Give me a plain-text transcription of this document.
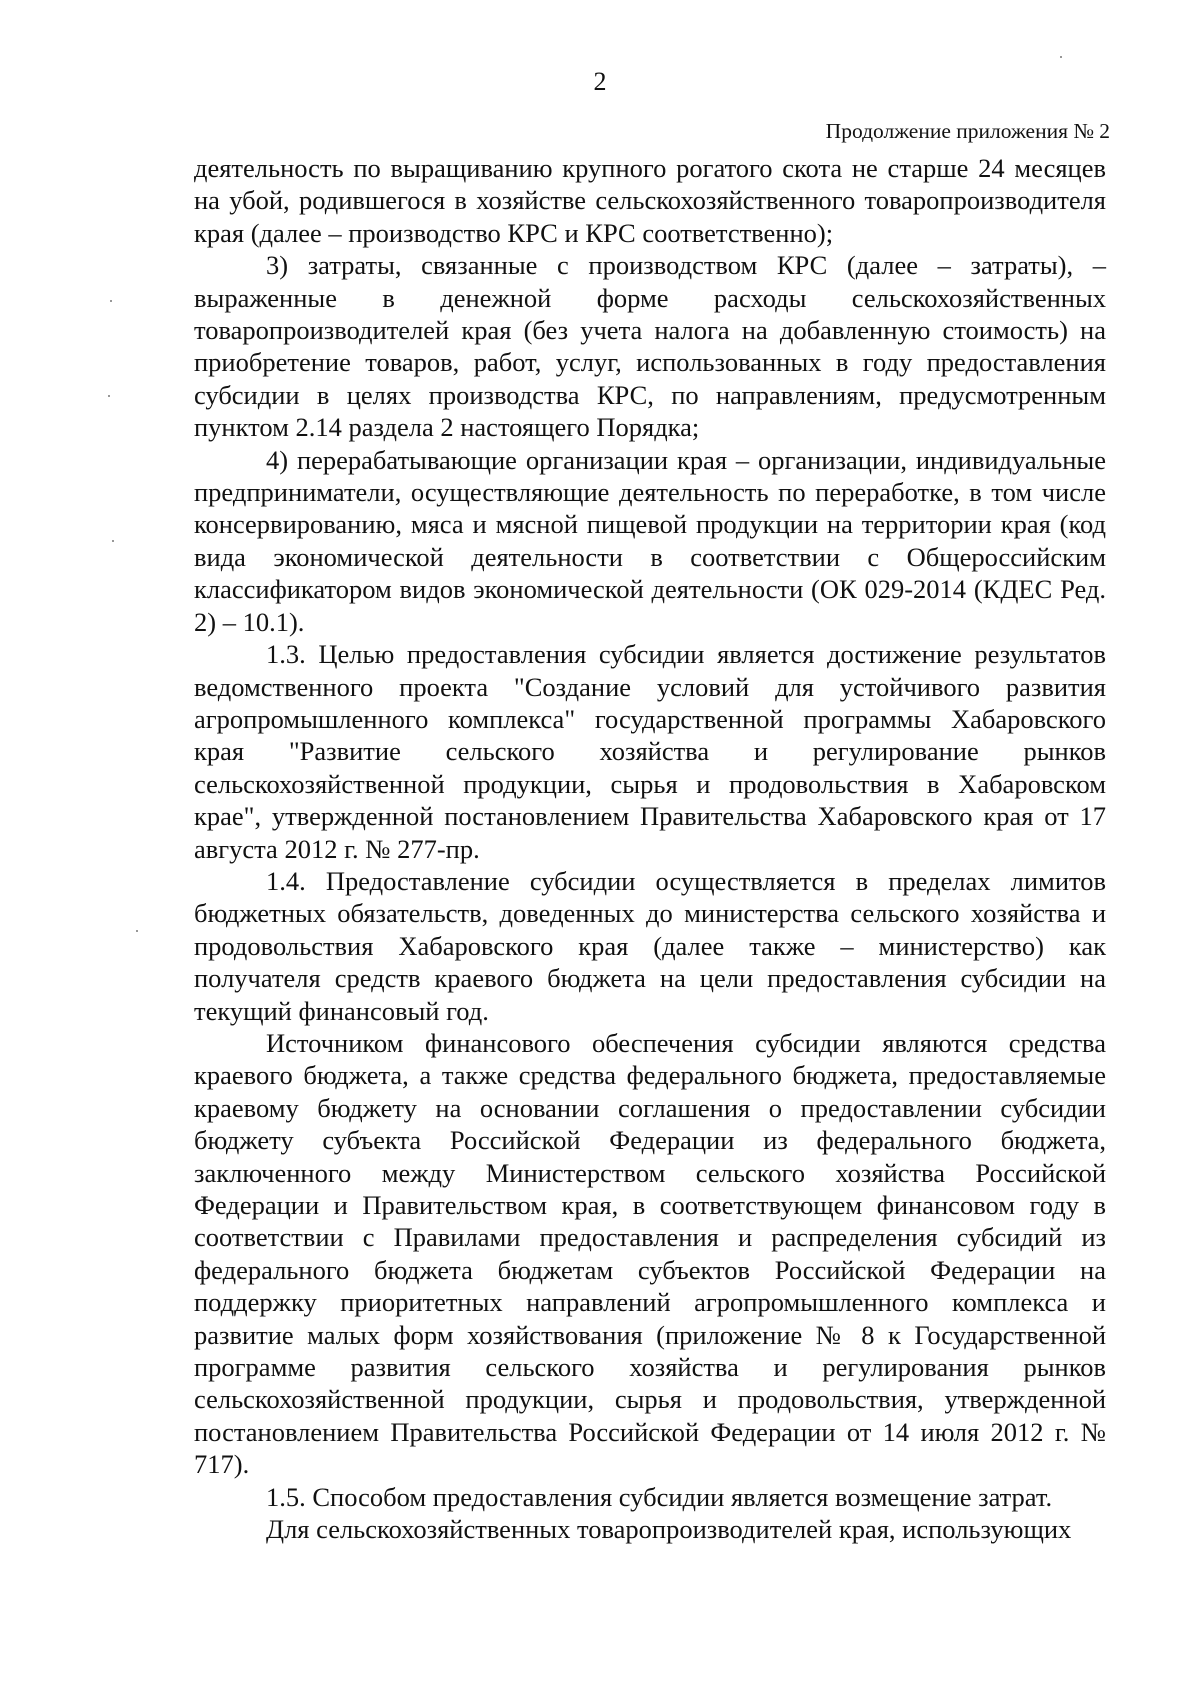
2
Продолжение приложения № 2

деятельность по выращиванию крупного рогатого скота не старше 24 месяцев на убой, родившегося в хозяйстве сельскохозяйственного товаропроизводителя края (далее – производство КРС и КРС соответственно);

3) затраты, связанные с производством КРС (далее – затраты), – выраженные в денежной форме расходы сельскохозяйственных товаропроизводителей края (без учета налога на добавленную стоимость) на приобретение товаров, работ, услуг, использованных в году предоставления субсидии в целях производства КРС, по направлениям, предусмотренным пунктом 2.14 раздела 2 настоящего Порядка;

4) перерабатывающие организации края – организации, индивидуальные предприниматели, осуществляющие деятельность по переработке, в том числе консервированию, мяса и мясной пищевой продукции на территории края (код вида экономической деятельности в соответствии с Общероссийским классификатором видов экономической деятельности (ОК 029-2014 (КДЕС Ред. 2) – 10.1).

1.3. Целью предоставления субсидии является достижение результатов ведомственного проекта "Создание условий для устойчивого развития агропромышленного комплекса" государственной программы Хабаровского края "Развитие сельского хозяйства и регулирование рынков сельскохозяйственной продукции, сырья и продовольствия в Хабаровском крае", утвержденной постановлением Правительства Хабаровского края от 17 августа 2012 г. № 277-пр.

1.4. Предоставление субсидии осуществляется в пределах лимитов бюджетных обязательств, доведенных до министерства сельского хозяйства и продовольствия Хабаровского края (далее также – министерство) как получателя средств краевого бюджета на цели предоставления субсидии на текущий финансовый год.

Источником финансового обеспечения субсидии являются средства краевого бюджета, а также средства федерального бюджета, предоставляемые краевому бюджету на основании соглашения о предоставлении субсидии бюджету субъекта Российской Федерации из федерального бюджета, заключенного между Министерством сельского хозяйства Российской Федерации и Правительством края, в соответствующем финансовом году в соответствии с Правилами предоставления и распределения субсидий из федерального бюджета бюджетам субъектов Российской Федерации на поддержку приоритетных направлений агропромышленного комплекса и развитие малых форм хозяйствования (приложение № 8 к Государственной программе развития сельского хозяйства и регулирования рынков сельскохозяйственной продукции, сырья и продовольствия, утвержденной постановлением Правительства Российской Федерации от 14 июля 2012 г. № 717).

1.5. Способом предоставления субсидии является возмещение затрат.

Для сельскохозяйственных товаропроизводителей края, использующих
